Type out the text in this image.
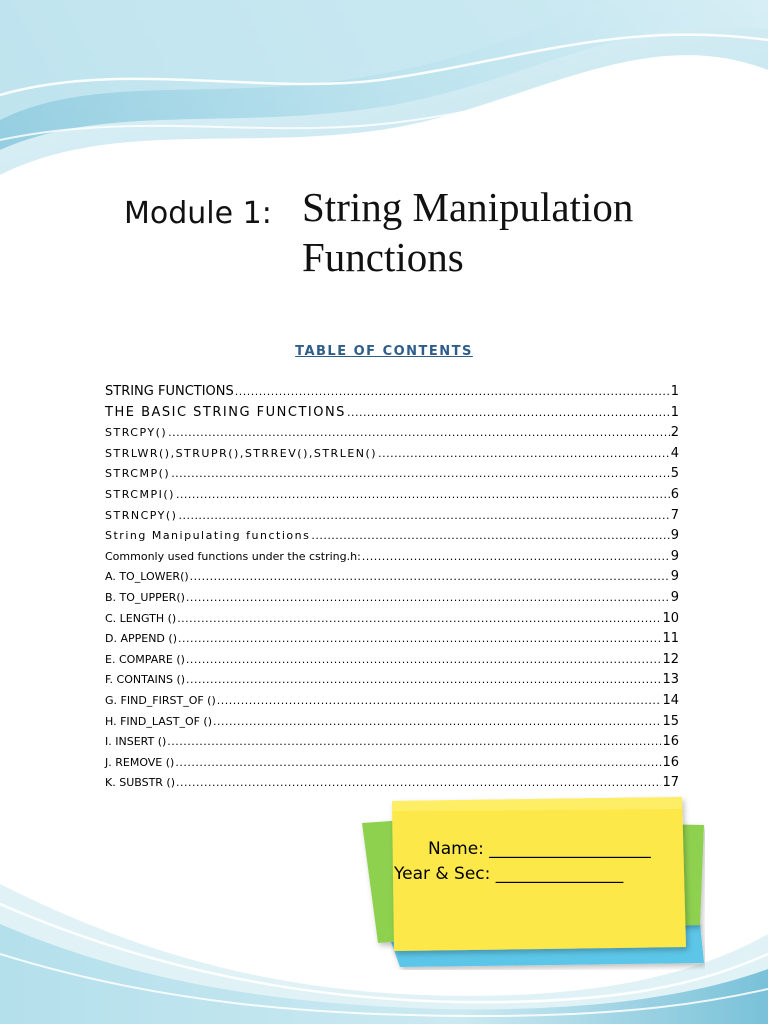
Module 1: String Manipulation
Functions
TABLE OF CONTENTS
STRING FUNCTIONS .....	1
THE BASIC STRING FUNCTIONS .....	1
STRCPY() .....	2
STRLWR(),STRUPR(),STRREV(),STRLEN() .....	4
STRCMP() .....	5
STRCMPI() .....	6
STRNCPY() .....	7
String Manipulating functions .....	9
Commonly used functions under the cstring.h: .....	9
A. TO_LOWER() .....	9
B. TO_UPPER() .....	9
C. LENGTH () .....	10
D. APPEND () .....	11
E. COMPARE () .....	12
F. CONTAINS () .....	13
G. FIND_FIRST_OF () .....	14
H. FIND_LAST_OF () .....	15
I. INSERT () .....	16
J. REMOVE () .....	16
K. SUBSTR () .....	17
Name: ___________________
Year & Sec: _______________
